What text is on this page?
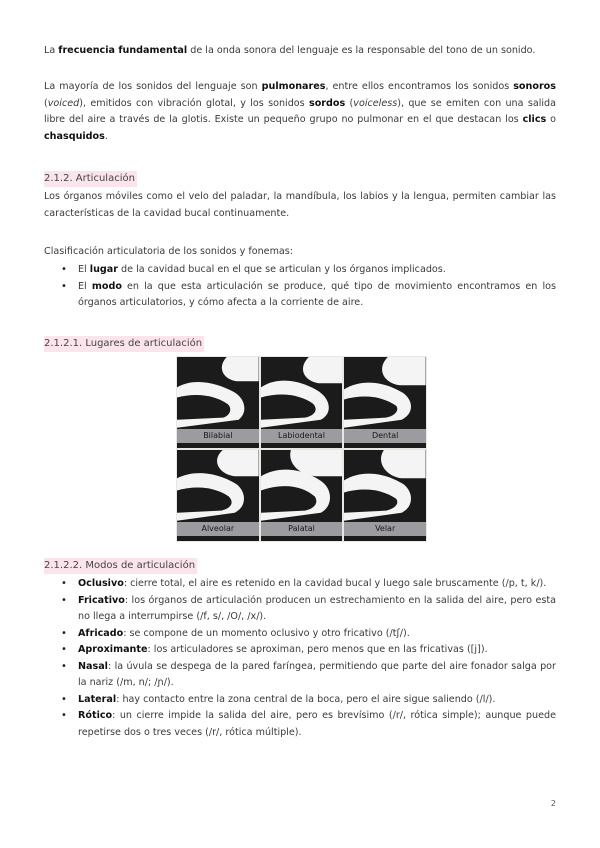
La frecuencia fundamental de la onda sonora del lenguaje es la responsable del tono de un sonido.

La mayoría de los sonidos del lenguaje son pulmonares, entre ellos encontramos los sonidos sonoros (voiced), emitidos con vibración glotal, y los sonidos sordos (voiceless), que se emiten con una salida libre del aire a través de la glotis. Existe un pequeño grupo no pulmonar en el que destacan los clics o chasquidos.

2.1.2. Articulación

Los órganos móviles como el velo del paladar, la mandíbula, los labios y la lengua, permiten cambiar las características de la cavidad bucal continuamente.

Clasificación articulatoria de los sonidos y fonemas:

• El lugar de la cavidad bucal en el que se articulan y los órganos implicados.
• El modo en la que esta articulación se produce, qué tipo de movimiento encontramos en los órganos articulatorios, y cómo afecta a la corriente de aire.
2.1.2.1. Lugares de articulación
Bilabial	Labiodental	Dental
Alveolar	Palatal	Velar
2.1.2.2. Modos de articulación
• Oclusivo: cierre total, el aire es retenido en la cavidad bucal y luego sale bruscamente (/p, t, k/).
• Fricativo: los órganos de articulación producen un estrechamiento en la salida del aire, pero esta no llega a interrumpirse (/f, s/, /O/, /x/).
• Africado: se compone de un momento oclusivo y otro fricativo (/tʃ/).
• Aproximante: los articuladores se aproximan, pero menos que en las fricativas ([j]).
• Nasal: la úvula se despega de la pared faríngea, permitiendo que parte del aire fonador salga por la nariz (/m, n/; /ɲ/).
• Lateral: hay contacto entre la zona central de la boca, pero el aire sigue saliendo (/l/).
• Rótico: un cierre impide la salida del aire, pero es brevísimo (/r/, rótica simple); aunque puede repetirse dos o tres veces (/r/, rótica múltiple).
2
